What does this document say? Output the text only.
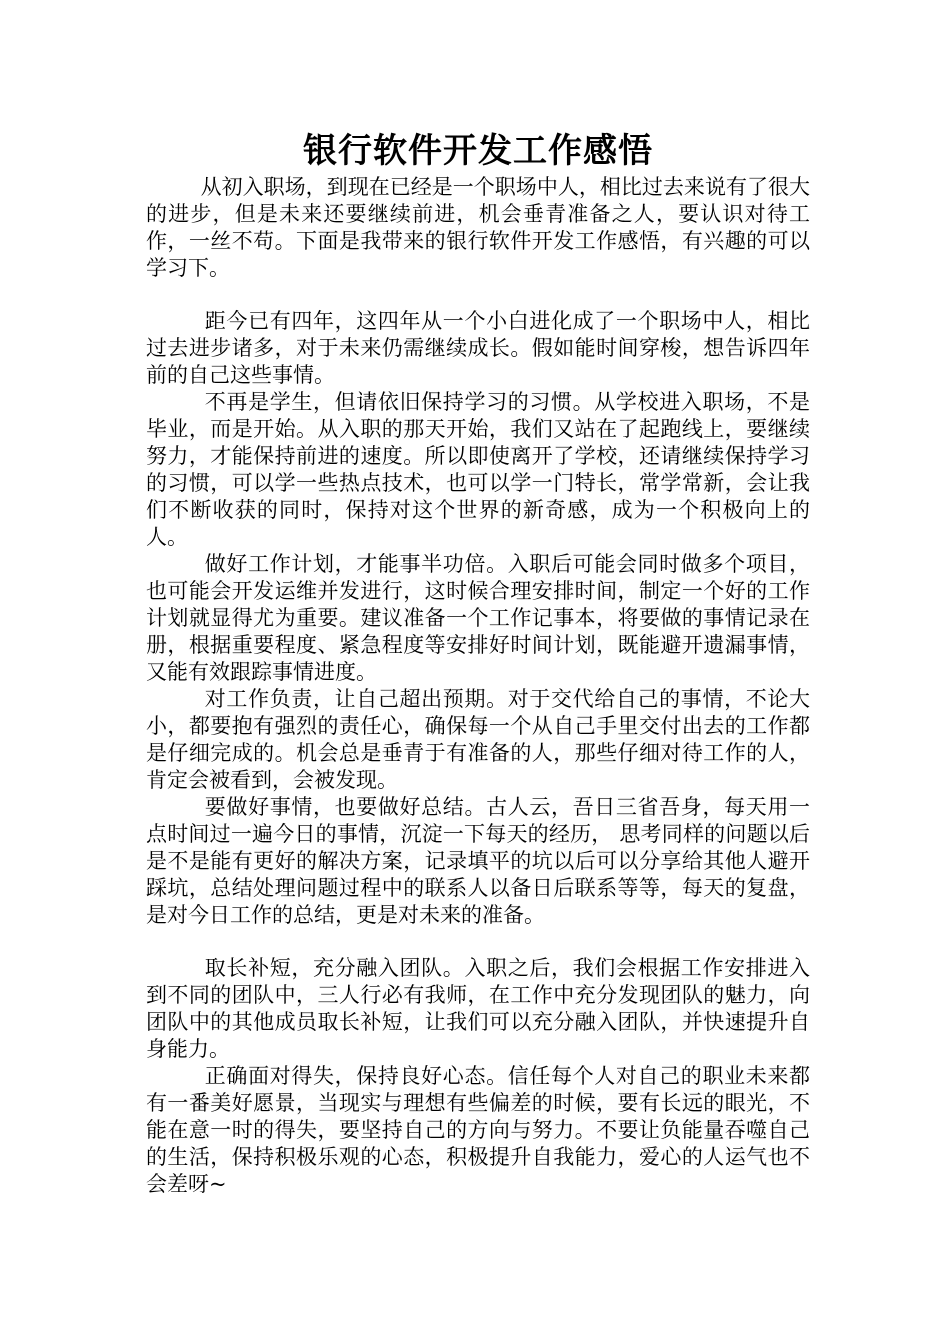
银行软件开发工作感悟

从初入职场，到现在已经是一个职场中人，相比过去来说有了很大的进步，但是未来还要继续前进，机会垂青准备之人，要认识对待工作，一丝不苟。下面是我带来的银行软件开发工作感悟，有兴趣的可以学习下。

距今已有四年，这四年从一个小白进化成了一个职场中人，相比过去进步诸多，对于未来仍需继续成长。假如能时间穿梭，想告诉四年前的自己这些事情。

不再是学生，但请依旧保持学习的习惯。从学校进入职场，不是毕业，而是开始。从入职的那天开始，我们又站在了起跑线上，要继续努力，才能保持前进的速度。所以即使离开了学校，还请继续保持学习的习惯，可以学一些热点技术，也可以学一门特长，常学常新，会让我们不断收获的同时，保持对这个世界的新奇感，成为一个积极向上的人。

做好工作计划，才能事半功倍。入职后可能会同时做多个项目，也可能会开发运维并发进行，这时候合理安排时间，制定一个好的工作计划就显得尤为重要。建议准备一个工作记事本，将要做的事情记录在册，根据重要程度、紧急程度等安排好时间计划，既能避开遗漏事情，又能有效跟踪事情进度。

对工作负责，让自己超出预期。对于交代给自己的事情，不论大小，都要抱有强烈的责任心，确保每一个从自己手里交付出去的工作都是仔细完成的。机会总是垂青于有准备的人，那些仔细对待工作的人，肯定会被看到，会被发现。

要做好事情，也要做好总结。古人云，吾日三省吾身，每天用一点时间过一遍今日的事情，沉淀一下每天的经历， 思考同样的问题以后是不是能有更好的解决方案，记录填平的坑以后可以分享给其他人避开踩坑，总结处理问题过程中的联系人以备日后联系等等，每天的复盘，是对今日工作的总结，更是对未来的准备。

取长补短，充分融入团队。入职之后，我们会根据工作安排进入到不同的团队中，三人行必有我师，在工作中充分发现团队的魅力，向团队中的其他成员取长补短，让我们可以充分融入团队，并快速提升自身能力。

正确面对得失，保持良好心态。信任每个人对自己的职业未来都有一番美好愿景，当现实与理想有些偏差的时候，要有长远的眼光，不能在意一时的得失，要坚持自己的方向与努力。不要让负能量吞噬自己的生活，保持积极乐观的心态，积极提升自我能力，爱心的人运气也不会差呀~
